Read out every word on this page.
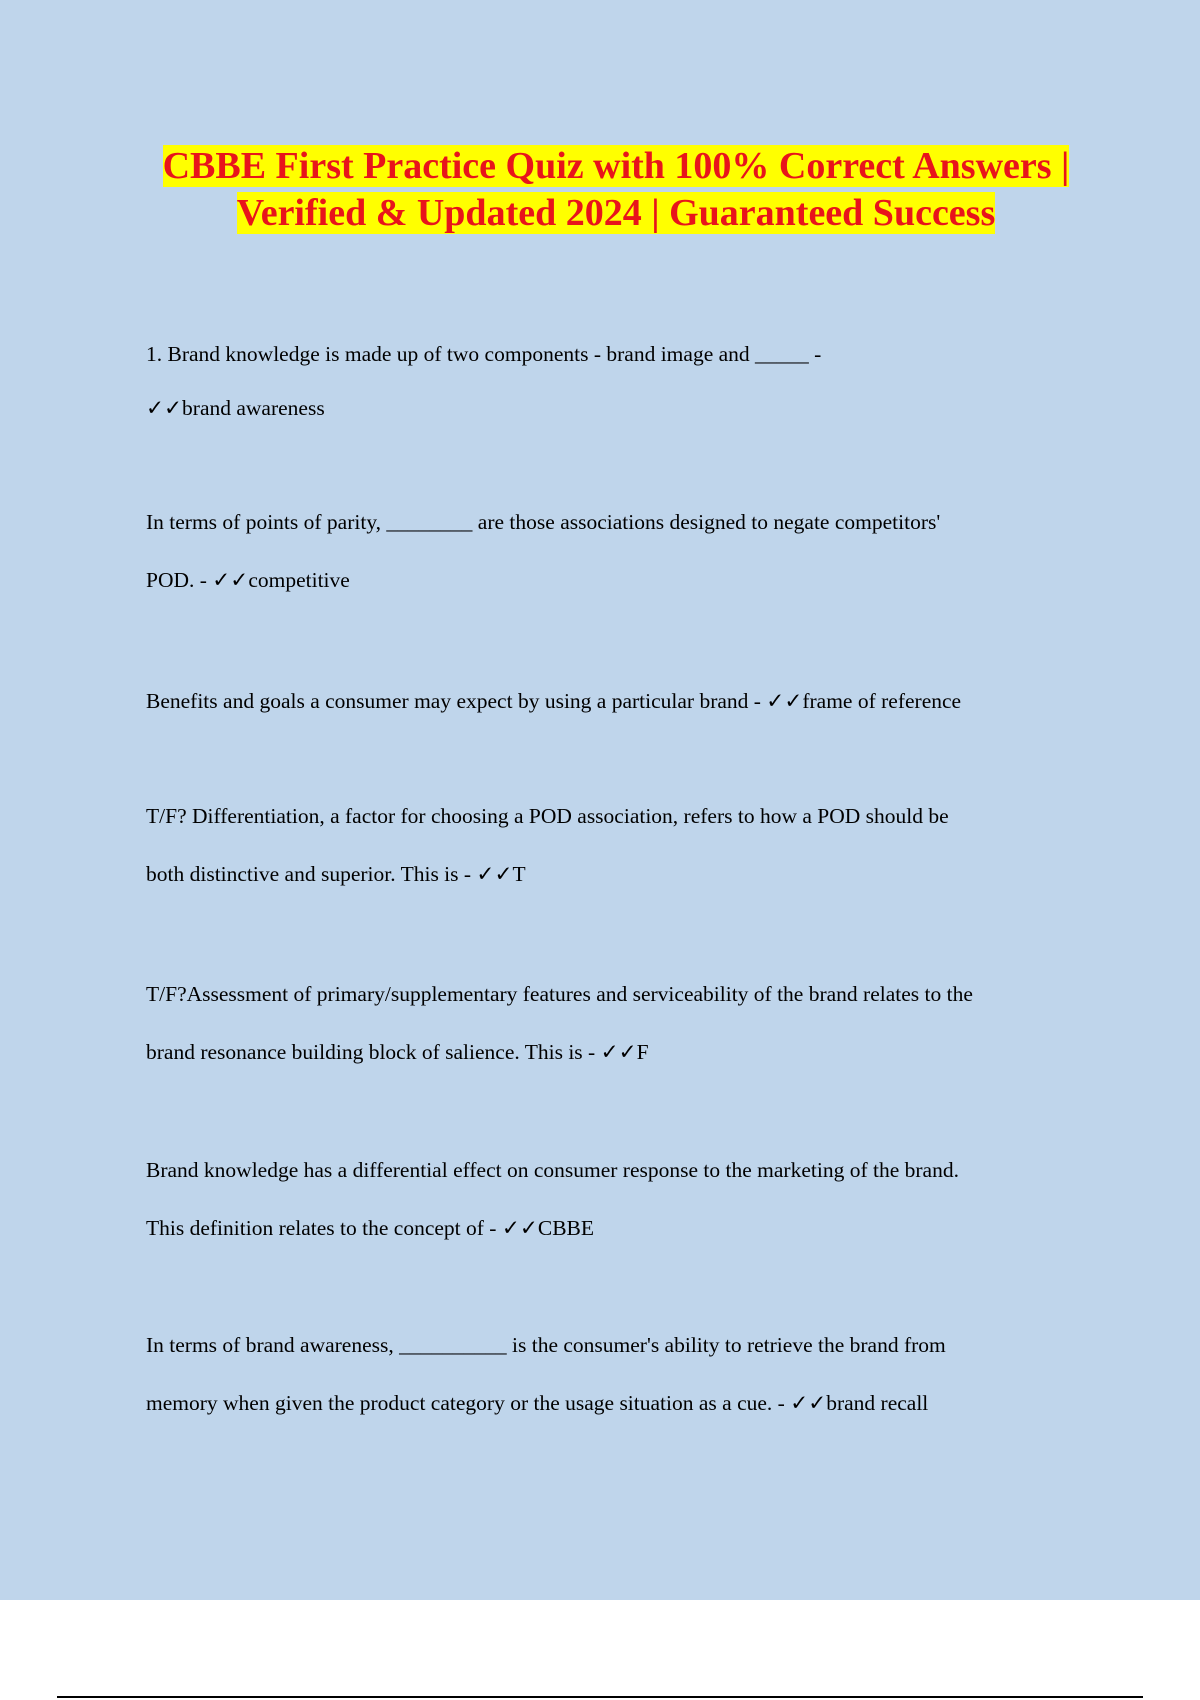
CBBE First Practice Quiz with 100% Correct Answers | Verified & Updated 2024 | Guaranteed Success
1. Brand knowledge is made up of two components - brand image and _____ -
✓✓brand awareness
In terms of points of parity, ________ are those associations designed to negate competitors'
POD. - ✓✓competitive
Benefits and goals a consumer may expect by using a particular brand - ✓✓frame of reference
T/F? Differentiation, a factor for choosing a POD association, refers to how a POD should be
both distinctive and superior. This is - ✓✓T
T/F?Assessment of primary/supplementary features and serviceability of the brand relates to the
brand resonance building block of salience. This is - ✓✓F
Brand knowledge has a differential effect on consumer response to the marketing of the brand.
This definition relates to the concept of - ✓✓CBBE
In terms of brand awareness, __________ is the consumer's ability to retrieve the brand from
memory when given the product category or the usage situation as a cue. - ✓✓brand recall
